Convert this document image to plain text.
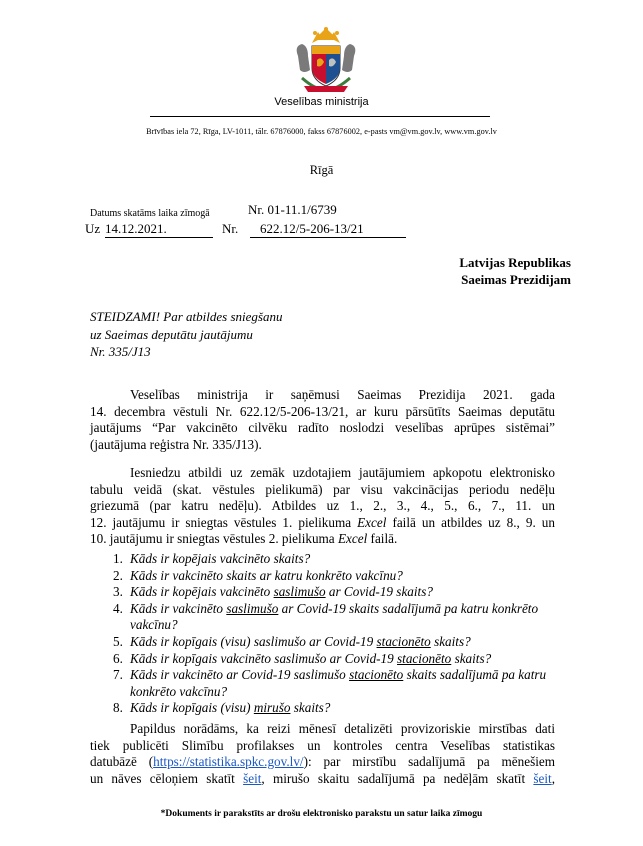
Veselības ministrija
Brīvības iela 72, Rīga, LV-1011, tālr. 67876000, fakss 67876002, e-pasts vm@vm.gov.lv, www.vm.gov.lv
Rīgā
Datums skatāms laika zīmogā	Nr. 01-11.1/6739
Uz 14.12.2021.	Nr.	622.12/5-206-13/21
Latvijas Republikas
Saeimas Prezidijam
STEIDZAMI! Par atbildes sniegšanu
uz Saeimas deputātu jautājumu
Nr. 335/J13
Veselības ministrija ir saņēmusi Saeimas Prezidija 2021. gada
14. decembra vēstuli Nr. 622.12/5-206-13/21, ar kuru pārsūtīts Saeimas deputātu
jautājums “Par vakcinēto cilvēku radīto noslodzi veselības aprūpes sistēmai”
(jautājuma reģistra Nr. 335/J13).
Iesniedzu atbildi uz zemāk uzdotajiem jautājumiem apkopotu elektronisko
tabulu veidā (skat. vēstules pielikumā) par visu vakcinācijas periodu nedēļu
griezumā (par katru nedēļu). Atbildes uz 1., 2., 3., 4., 5., 6., 7., 11. un
12. jautājumu ir sniegtas vēstules 1. pielikuma Excel failā un atbildes uz 8., 9. un
10. jautājumu ir sniegtas vēstules 2. pielikuma Excel failā.
1. Kāds ir kopējais vakcinēto skaits?
2. Kāds ir vakcinēto skaits ar katru konkrēto vakcīnu?
3. Kāds ir kopējais vakcinēto saslimušo ar Covid-19 skaits?
4. Kāds ir vakcinēto saslimušo ar Covid-19 skaits sadalījumā pa katru konkrēto vakcīnu?
5. Kāds ir kopīgais (visu) saslimušo ar Covid-19 stacionēto skaits?
6. Kāds ir kopīgais vakcinēto saslimušo ar Covid-19 stacionēto skaits?
7. Kāds ir vakcinēto ar Covid-19 saslimušo stacionēto skaits sadalījumā pa katru konkrēto vakcīnu?
8. Kāds ir kopīgais (visu) mirušo skaits?
Papildus norādāms, ka reizi mēnesī detalizēti provizoriskie mirstības dati
tiek publicēti Slimību profilakses un kontroles centra Veselības statistikas
datubāzē (https://statistika.spkc.gov.lv/): par mirstību sadalījumā pa mēnešiem
un nāves cēloņiem skatīt šeit, mirušo skaitu sadalījumā pa nedēļām skatīt šeit,
*Dokuments ir parakstīts ar drošu elektronisko parakstu un satur laika zīmogu
